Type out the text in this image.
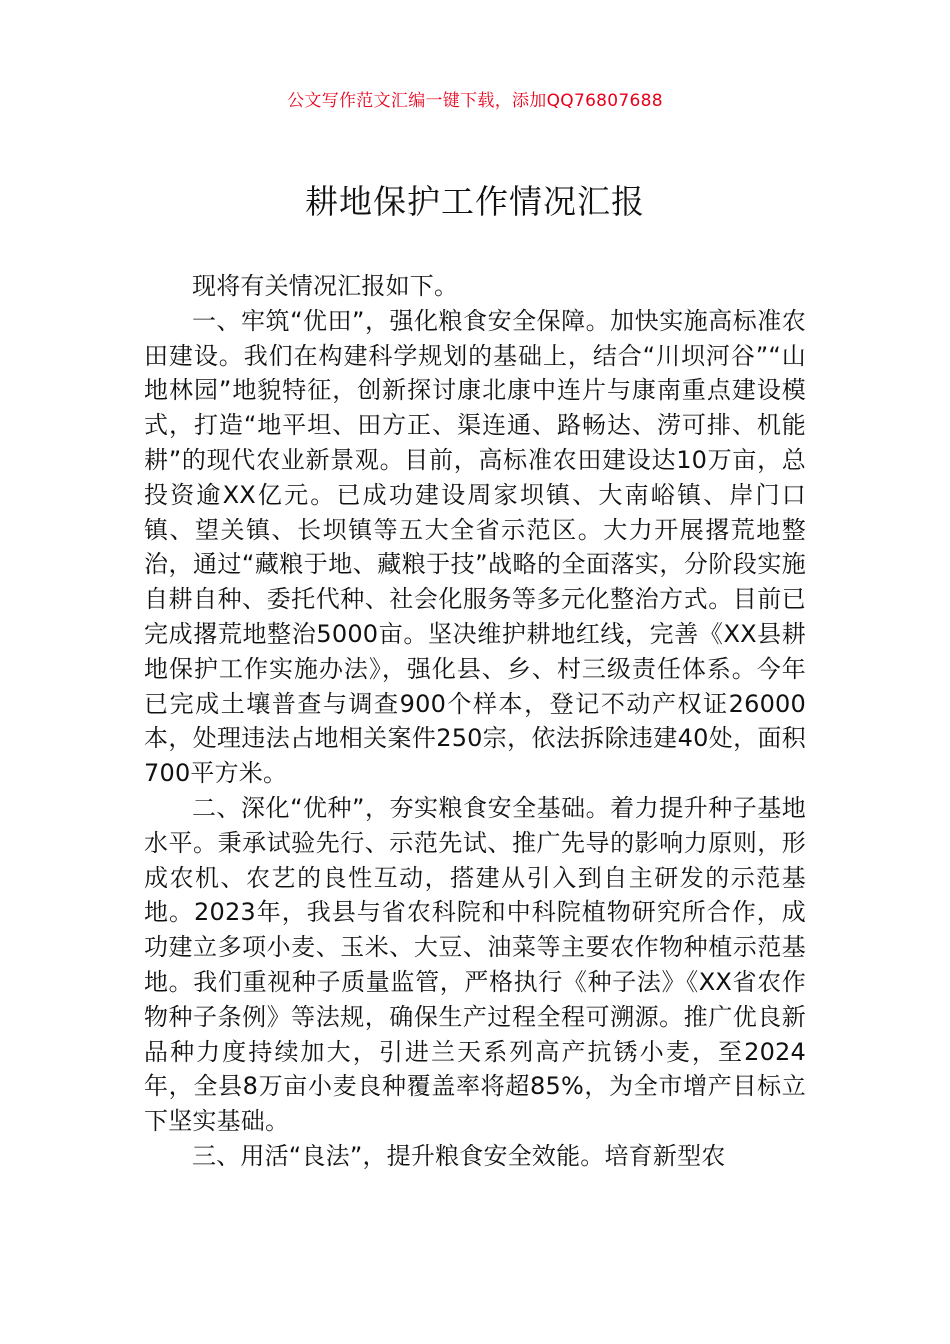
公文写作范文汇编一键下载，添加QQ76807688
耕地保护工作情况汇报

现将有关情况汇报如下。

一、牢筑“优田”，强化粮食安全保障。加快实施高标准农田建设。我们在构建科学规划的基础上，结合“川坝河谷”“山地林园”地貌特征，创新探讨康北康中连片与康南重点建设模式，打造“地平坦、田方正、渠连通、路畅达、涝可排、机能耕”的现代农业新景观。目前，高标准农田建设达10万亩，总投资逾XX亿元。已成功建设周家坝镇、大南峪镇、岸门口镇、望关镇、长坝镇等五大全省示范区。大力开展撂荒地整治，通过“藏粮于地、藏粮于技”战略的全面落实，分阶段实施自耕自种、委托代种、社会化服务等多元化整治方式。目前已完成撂荒地整治5000亩。坚决维护耕地红线，完善《XX县耕地保护工作实施办法》，强化县、乡、村三级责任体系。今年已完成土壤普查与调查900个样本，登记不动产权证26000本，处理违法占地相关案件250宗，依法拆除违建40处，面积700平方米。

二、深化“优种”，夯实粮食安全基础。着力提升种子基地水平。秉承试验先行、示范先试、推广先导的影响力原则，形成农机、农艺的良性互动，搭建从引入到自主研发的示范基地。2023年，我县与省农科院和中科院植物研究所合作，成功建立多项小麦、玉米、大豆、油菜等主要农作物种植示范基地。我们重视种子质量监管，严格执行《种子法》《XX省农作物种子条例》等法规，确保生产过程全程可溯源。推广优良新品种力度持续加大，引进兰天系列高产抗锈小麦，至2024年，全县8万亩小麦良种覆盖率将超85%，为全市增产目标立下坚实基础。

三、用活“良法”，提升粮食安全效能。培育新型农
